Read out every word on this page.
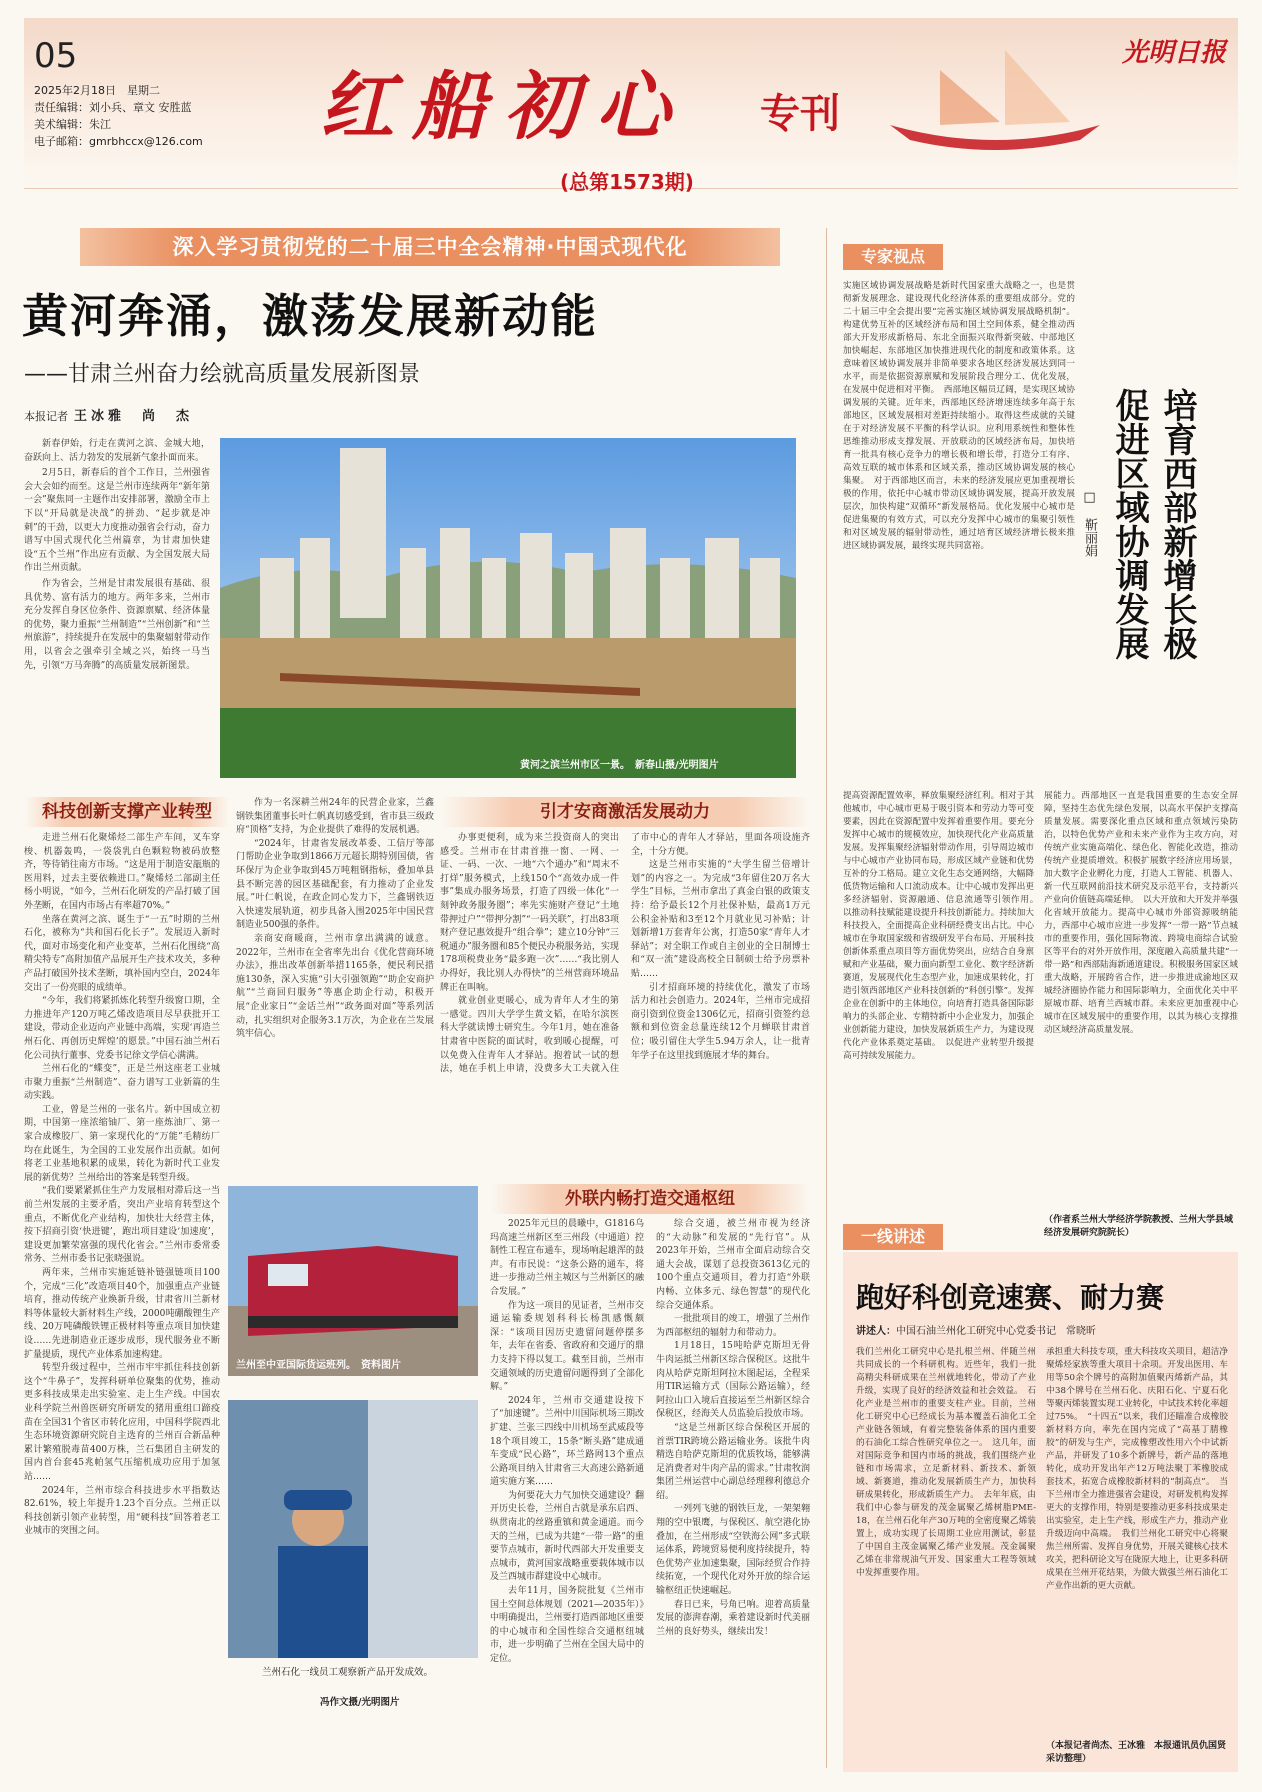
05
2025年2月18日　星期二
责任编辑：刘小兵、章文 安胜蓝
美术编辑：朱江
电子邮箱：gmrbhccx@126.com 红船初心 专刊
(总第1573期)
光明日报
深入学习贯彻党的二十届三中全会精神·中国式现代化
黄河奔涌，激荡发展新动能
——甘肃兰州奋力绘就高质量发展新图景
本报记者 王冰雅　尚　杰

新春伊始，行走在黄河之滨、金城大地，奋跃向上、活力勃发的发展新气象扑面而来。

2月5日，新春后的首个工作日，兰州强省会大会如约而至。这是兰州市连续两年“新年第一会”聚焦同一主题作出安排部署，激励全市上下以“开局就是决战”的拼劲、“起步就是冲刺”的干劲，以更大力度推动强省会行动，奋力谱写中国式现代化兰州篇章，为甘肃加快建设“五个兰州”作出应有贡献、为全国发展大局作出兰州贡献。

作为省会，兰州是甘肃发展很有基础、很具优势、富有活力的地方。两年多来，兰州市充分发挥自身区位条件、资源禀赋、经济体量的优势，聚力重振“兰州制造”“兰州创新”和“兰州旅游”，持续提升在发展中的集聚辐射带动作用，以省会之强牵引全域之兴，始终一马当先，引领“万马奔腾”的高质量发展新图景。

黄河之滨兰州市区一景。　新春山摄/光明图片
科技创新支撑产业转型

走进兰州石化聚烯烃二部生产车间，叉车穿梭、机器轰鸣，一袋袋乳白色颗粒物被码放整齐，等待销往南方市场。“这是用于制造安瓿瓶的医用料，过去主要依赖进口。”聚烯烃二部副主任杨小明说，“如今，兰州石化研发的产品打破了国外垄断，在国内市场占有率超70%。”

坐落在黄河之滨、诞生于“一五”时期的兰州石化，被称为“共和国石化长子”。发展迈入新时代，面对市场变化和产业变革，兰州石化围绕“高精尖特专”高附加值产品展开生产技术攻关，多种产品打破国外技术垄断，填补国内空白，2024年交出了一份亮眼的成绩单。

“今年，我们将紧抓炼化转型升级窗口期，全力推进年产120万吨乙烯改造项目尽早获批开工建设，带动企业迈向产业链中高端，实现‘再造兰州石化、再创历史辉煌’的愿景。”中国石油兰州石化公司执行董事、党委书记徐文学信心满满。

兰州石化的“蝶变”，正是兰州这座老工业城市聚力重振“兰州制造”、奋力谱写工业新篇的生动实践。

工业，曾是兰州的一张名片。新中国成立初期，中国第一座浓缩铀厂、第一座炼油厂、第一家合成橡胶厂、第一家现代化的“万能”毛精纺厂均在此诞生，为全国的工业发展作出贡献。如何将老工业基地积累的成果，转化为新时代工业发展的新优势？兰州给出的答案是转型升级。

“我们要紧紧抓住生产力发展相对滞后这一当前兰州发展的主要矛盾，突出产业培育转型这个重点，不断优化产业结构，加快壮大经营主体，按下招商引资‘快进键’，跑出项目建设‘加速度’，建设更加繁荣富强的现代化省会。”兰州市委常委常务、兰州市委书记张晓强说。

两年来，兰州市实施延链补链强链项目100个，完成“三化”改造项目40个，加强重点产业链培育，推动传统产业焕新升级，甘肃省川兰新材料等体量较大新材料生产线，2000吨硼酸锂生产线、20万吨磷酸铁锂正极材料等重点项目加快建设……先进制造业正逐步成形，现代服务业不断扩量提质，现代产业体系加速构建。

转型升级过程中，兰州市牢牢抓住科技创新这个“牛鼻子”，发挥科研单位聚集的优势，推动更多科技成果走出实验室、走上生产线。中国农业科学院兰州兽医研究所研发的猪用重组口蹄疫苗在全国31个省区市转化应用，中国科学院西北生态环境资源研究院自主选育的兰州百合新品种累计繁殖脱毒苗400万株，兰石集团自主研发的国内首台套45兆帕氢气压缩机成功应用于加氢站……

2024年，兰州市综合科技进步水平指数达82.61%，较上年提升1.23个百分点。兰州正以科技创新引领产业转型，用“硬科技”回答着老工业城市的突围之问。

作为一名深耕兰州24年的民营企业家，兰鑫钢铁集团董事长叶仁帆真切感受到，省市县三级政府“顶格”支持，为企业提供了难得的发展机遇。

“2024年，甘肃省发展改革委、工信厅等部门帮助企业争取到1866万元超长期特别国债，省环保厅为企业争取到45万吨粗钢指标，叠加单县县不断完善的园区基础配套，有力推动了企业发展。”叶仁帆说，在政企同心发力下，兰鑫钢铁迈入快速发展轨道，初步具备入围2025年中国民营制造业500强的条件。

亲商安商暖商，兰州市拿出满满的诚意。2022年，兰州市在全省率先出台《优化营商环境办法》，推出改革创新举措1165条，便民利民措施130条，深入实施“引大引强领跑”“助企安商护航”“兰商回归服务”等惠企助企行动，积极开展“企业家日”“金话兰州”“政务面对面”等系列活动，扎实组织对企服务3.1万次，为企业在兰发展筑牢信心。

引才安商激活发展动力

办事更便利，成为来兰投资商人的突出感受。兰州市在甘肃首推一窗、一网、一证、一码、一次、一地“六个通办”和“周末不打烊”服务模式，上线150个“高效办成一件事”集成办服务场景，打造了四级一体化“一刻钟政务服务圈”；率先实施财产登记“土地带押过户”“带押分割”“一码关联”，打出83项财产登记惠效提升“组合拳”；建立10分钟“三税通办”服务圈和85个便民办税服务站，实现178项税费业务“最多跑一次”……“我比别人办得好，我比别人办得快”的兰州营商环境品牌正在叫响。

就业创业更暖心，成为青年人才生的第一感觉。四川大学学生黄文韬，在哈尔滨医科大学就读博士研究生。今年1月，她在准备甘肃省中医院的面试时，收到暖心提醒，可以免费入住青年人才驿站。抱着试一试的想法，她在手机上申请，没费多大工夫就入住了市中心的青年人才驿站，里面各项设施齐全，十分方便。

这是兰州市实施的“大学生留兰倍增计划”的内容之一。为完成“3年留住20万名大学生”目标，兰州市拿出了真金白银的政策支持：给予最长12个月社保补贴，最高1万元公积金补贴和3至12个月就业见习补贴；计划新增1万套青年公寓，打造50家“青年人才驿站”；对全职工作或自主创业的全日制博士和“双一流”建设高校全日制硕士给予房票补贴……

引才招商环境的持续优化，激发了市场活力和社会创造力。2024年，兰州市完成招商引资到位资金1306亿元，招商引资签约总额和到位资金总量连续12个月蝉联甘肃首位；吸引留住大学生5.94万余人，让一批青年学子在这里找到施展才华的舞台。

兰州至中亚国际货运班列。　资料图片
兰州石化一线员工观察新产品开发成效。
冯作文摄/光明图片
外联内畅打造交通枢纽

2025年元旦的晨曦中，G1816乌玛高速兰州新区至三州段（中通道）控制性工程宣布通车，现场响起雄浑的鼓声。有市民说：“这条公路的通车，将进一步推动兰州主城区与兰州新区的融合发展。”

作为这一项目的见证者，兰州市交通运输委规划科科长杨凯感慨颇深：“该项目因历史遗留问题停摆多年，去年在省委、省政府和交通厅的鼎力支持下得以复工。截至目前，兰州市交通领域的历史遗留问题得到了全部化解。”

2024年，兰州市交通建设按下了“加速键”。兰州中川国际机场三期改扩建、兰张三四线中川机场至武威段等18个项目竣工，15条“断头路”建成通车变成“民心路”，环兰路网13个重点公路项目纳入甘肃省三大高速公路新通道实施方案……

为何要花大力气加快交通建设？翻开历史长卷，兰州自古就是承东启西、纵贯南北的丝路重镇和黄金通道。而今天的兰州，已成为共建“一带一路”的重要节点城市，新时代西部大开发重要支点城市，黄河国家战略重要载体城市以及兰西城市群建设中心城市。

去年11月，国务院批复《兰州市国土空间总体规划（2021—2035年）》中明确提出，兰州要打造西部地区重要的中心城市和全国性综合交通枢纽城市，进一步明确了兰州在全国大局中的定位。

综合交通，被兰州市视为经济的“大动脉”和发展的“先行官”。从2023年开始，兰州市全面启动综合交通大会战，谋划了总投资3613亿元的100个重点交通项目，着力打造“外联内畅、立体多元、绿色智慧”的现代化综合交通体系。

一批批项目的竣工，增强了兰州作为西部枢纽的辐射力和带动力。

1月18日，15吨哈萨克斯坦无骨牛肉运抵兰州新区综合保税区。这批牛肉从哈萨克斯坦阿拉木图起运，全程采用TIR运输方式（国际公路运输），经阿拉山口入境后直接运至兰州新区综合保税区，经海关人员监验后投放市场。

“这是兰州新区综合保税区开展的首票TIR跨境公路运输业务。该批牛肉精选自哈萨克斯坦的优质牧场，能够满足消费者对牛肉产品的需求。”甘肃牧润集团兰州运营中心副总经理穆利德总介绍。

一列列飞驰的钢铁巨龙，一架架翱翔的空中银鹰，与保税区、航空港化协叠加，在兰州形成“空铁海公网”多式联运体系，跨境贸易便利度持续提升，特色优势产业加速集聚，国际经贸合作持续拓宽，一个现代化对外开放的综合运输枢纽正快速崛起。

春日已来，号角已响。迎着高质量发展的澎湃春潮，乘着建设新时代美丽兰州的良好势头，继续出发！

专家视点
实施区域协调发展战略是新时代国家重大战略之一，也是贯彻新发展理念、建设现代化经济体系的重要组成部分。党的二十届三中全会提出要“完善实施区域协调发展战略机制”。构建优势互补的区域经济布局和国土空间体系，健全推动西部大开发形成新格局、东北全面振兴取得新突破、中部地区加快崛起、东部地区加快推进现代化的制度和政策体系。这意味着区域协调发展并非简单要求各地区经济发展达到同一水平，而是依据资源禀赋和发展阶段合理分工、优化发展，在发展中促进相对平衡。　西部地区幅员辽阔，是实现区域协调发展的关键。近年来，西部地区经济增速连续多年高于东部地区，区域发展相对差距持续缩小。取得这些成就的关键在于对经济发展不平衡的科学认识。应利用系统性和整体性思维推动形成支撑发展、开放联动的区域经济布局，加快培育一批具有核心竞争力的增长极和增长带，打造分工有序、高效互联的城市体系和区域关系，推动区域协调发展的核心集聚。　对于西部地区而言，未来的经济发展应更加重视增长极的作用，依托中心城市带动区域协调发展，提高开放发展层次，加快构建“双循环”新发展格局。优化发展中心城市是促进集聚的有效方式，可以充分发挥中心城市的集聚引领性和对区域发展的辐射带动性，通过培育区域经济增长极来推进区域协调发展，最终实现共同富裕。	培育西部新增长极
促进区域协调发展
□　靳丽娟
提高资源配置效率，释放集聚经济红利。相对于其他城市，中心城市更易于吸引资本和劳动力等可变要素，因此在资源配置中发挥着重要作用。要充分发挥中心城市的规模效应，加快现代化产业高质量发展。发挥集聚经济辐射带动作用，引导周边城市与中心城市产业协同布局，形成区域产业链和优势互补的分工格局。建立文化生态交通网络，大幅降低货物运输和人口流动成本。让中心城市发挥出更多经济辐射、资源融通、信息流通等引领作用。　以推动科技赋能建设提升科技创新能力。持续加大科技投入，全面提高企业科研经费支出占比。中心城市在争取国家级和省级研发平台布局、开展科技创新体系重点项目等方面优势突出，应结合自身禀赋和产业基础，聚力面向新型工业化、数字经济新赛道，发展现代化生态型产业，加速成果转化，打造引领西部地区产业科技创新的“科创引擎”。发挥企业在创新中的主体地位，向培育打造具备国际影响力的头部企业、专精特新中小企业发力，加强企业创新能力建设，加快发展新质生产力，为建设现代化产业体系奠定基础。　以促进产业转型升级提高可持续发展能力。
展能力。西部地区一直是我国重要的生态安全屏障，坚持生态优先绿色发展，以高水平保护支撑高质量发展。需要深化重点区域和重点领域污染防治，以特色优势产业和未来产业作为主攻方向，对传统产业实施高端化、绿色化、智能化改造，推动传统产业提质增效。积极扩展数字经济应用场景，加大数字企业孵化力度，打造人工智能、机器人、新一代互联网前沿技术研究及示范平台，支持新兴产业向价值链高端延伸。　以大开放和大开发并举强化省域开放能力。提高中心城市外部资源吸纳能力，西部中心城市应进一步发挥“一带一路”节点城市的重要作用，强化国际物流、跨境电商综合试验区等平台的对外开放作用，深度融入高质量共建“一带一路”和西部陆海新通道建设。积极服务国家区域重大战略，开展跨省合作，进一步推进成渝地区双城经济圈协作能力和国际影响力，全面优化关中平原城市群、培育兰西城市群。未来应更加重视中心城市在区域发展中的重要作用，以其为核心支撑推动区域经济高质量发展。
（作者系兰州大学经济学院教授、兰州大学县域经济发展研究院院长）
一线讲述
跑好科创竞速赛、耐力赛
讲述人：中国石油兰州化工研究中心党委书记　常晓昕
我们兰州化工研究中心是扎根兰州、伴随兰州共同成长的一个科研机构。近些年，我们一批高精尖科研成果在兰州就地转化，带动了产业升级，实现了良好的经济效益和社会效益。　石化产业是兰州市的重要支柱产业。目前，兰州化工研究中心已经成长为基本覆盖石油化工全产业链各领域，有着完整装备体系的国内重要的石油化工综合性研究单位之一。　这几年，面对国际竞争和国内市场的挑战，我们围绕产业链和市场需求，立足新材料、新技术、新领域、新赛道，推动化发展新质生产力，加快科研成果转化，形成新质生产力。　去年年底，由我们中心参与研发的茂金属聚乙烯树脂PME-18，在兰州石化年产30万吨的全密度聚乙烯装置上，成功实现了长周期工业应用测试，彰显了中国自主茂金属聚乙烯产业发展。茂金属聚乙烯在非常规油气开发、国家重大工程等领域中发挥重要作用。
承担重大科技专项，重大科技攻关项目，超洁净聚烯烃家族等重大项目十余项。开发出医用、车用等50余个牌号的高附加值聚丙烯新产品，其中38个牌号在兰州石化、庆阳石化、宁夏石化等聚丙烯装置实现工业转化，中试技术转化率超过75%。　“十四五”以来，我们还瞄准合成橡胶新材料方向，率先在国内完成了“高基丁腈橡胶”的研发与生产，完成橡塑改性用六个中试新产品，并研发了10多个新牌号，新产品的落地转化，成功开发出年产12万吨法聚丁苯橡胶成套技术，拓宽合成橡胶新材料的“制高点”。　当下兰州市全力推进强省会建设，对研发机构发挥更大的支撑作用，特别是要推动更多科技成果走出实验室，走上生产线，形成生产力，推动产业升级迈向中高端。　我们兰州化工研究中心将聚焦兰州所需、发挥自身优势，开展关键核心技术攻关，把科研论文写在陇原大地上，让更多科研成果在兰州开花结果，为做大做强兰州石油化工产业作出新的更大贡献。
（本报记者尚杰、王冰雅　本报通讯员仇国贤采访整理）
